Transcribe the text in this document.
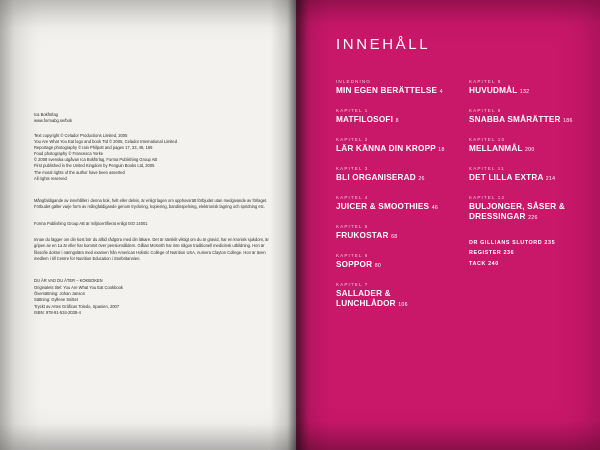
Ica Bokförlag

www.formabg.se/bok

Text copyright © Celador Productions Limited, 2005

You Are What You Eat logo and book Ttd © 2005, Celador International Limited

Reportage photography © Iain Philpott and pages 17, 33, 49, 169

Food photography © Francesca Yorke

© 2008 svenska utgåvan Ica Bokförlag, Forma Publishing Group AB

First published in the United Kingdom by Penguin Books Ltd, 2005

The moral rights of the author have been asserted

All rights reserved

Mångfaldigande av innehållet i denna bok, helt eller delvis, är enligt lagen om upphovsrätt förbjudet utan medgivande av förlaget. Förbudet gäller varje form av mångfaldigande genom tryckning, kopiering, bandinspelning, elektronisk lagring och spridning etc.

Forma Publishing Group AB är miljöcertifierat enligt ISO 14001

Innan du lägger om din kost bör du alltid rådgöra med din läkare. Det är särskilt viktigt om du är gravid, har en kronisk sjukdom, är gripen av en 1a är eller har kommit över pensionsåldern. Gillian McKeith har inte någon traditionell medicinsk utbildning. Hon är filosofie doktor i näringslära med examen från American Holistic College of Nutrition USA, numera Clayton College. Hon är även medlem i till Centre for Nutrition Education i Storbritannien.

DU ÄR VAD DU ÄTER – KOKBOKEN

Originalets titel: You Are What You Eat Cookbook

Översättning: Johan Janson

Sättning: Gyllene Snittet

Tryckt av Artes Gráficas Toledo, Spanien, 2007

ISBN: 978-91-534-3038-4

INNEHÅLL
INLEDNING
MIN EGEN BERÄTTELSE 4
KAPITEL 1
MATFILOSOFI 8
KAPITEL 2
LÄR KÄNNA DIN KROPP 18
KAPITEL 3
BLI ORGANISERAD 26
KAPITEL 4
JUICER & SMOOTHIES 46
KAPITEL 5
FRUKOSTAR 68
KAPITEL 6
SOPPOR 80
KAPITEL 7
SALLADER & LUNCHLÅDOR 106
KAPITEL 8
HUVUDMÅL 132
KAPITEL 9
SNABBA SMÅRÄTTER 186
KAPITEL 10
MELLANMÅL 200
KAPITEL 11
DET LILLA EXTRA 214
KAPITEL 12
BULJONGER, SÅSER & DRESSINGAR 226
DR GILLIANS SLUTORD 235
REGISTER 236
TACK 240
